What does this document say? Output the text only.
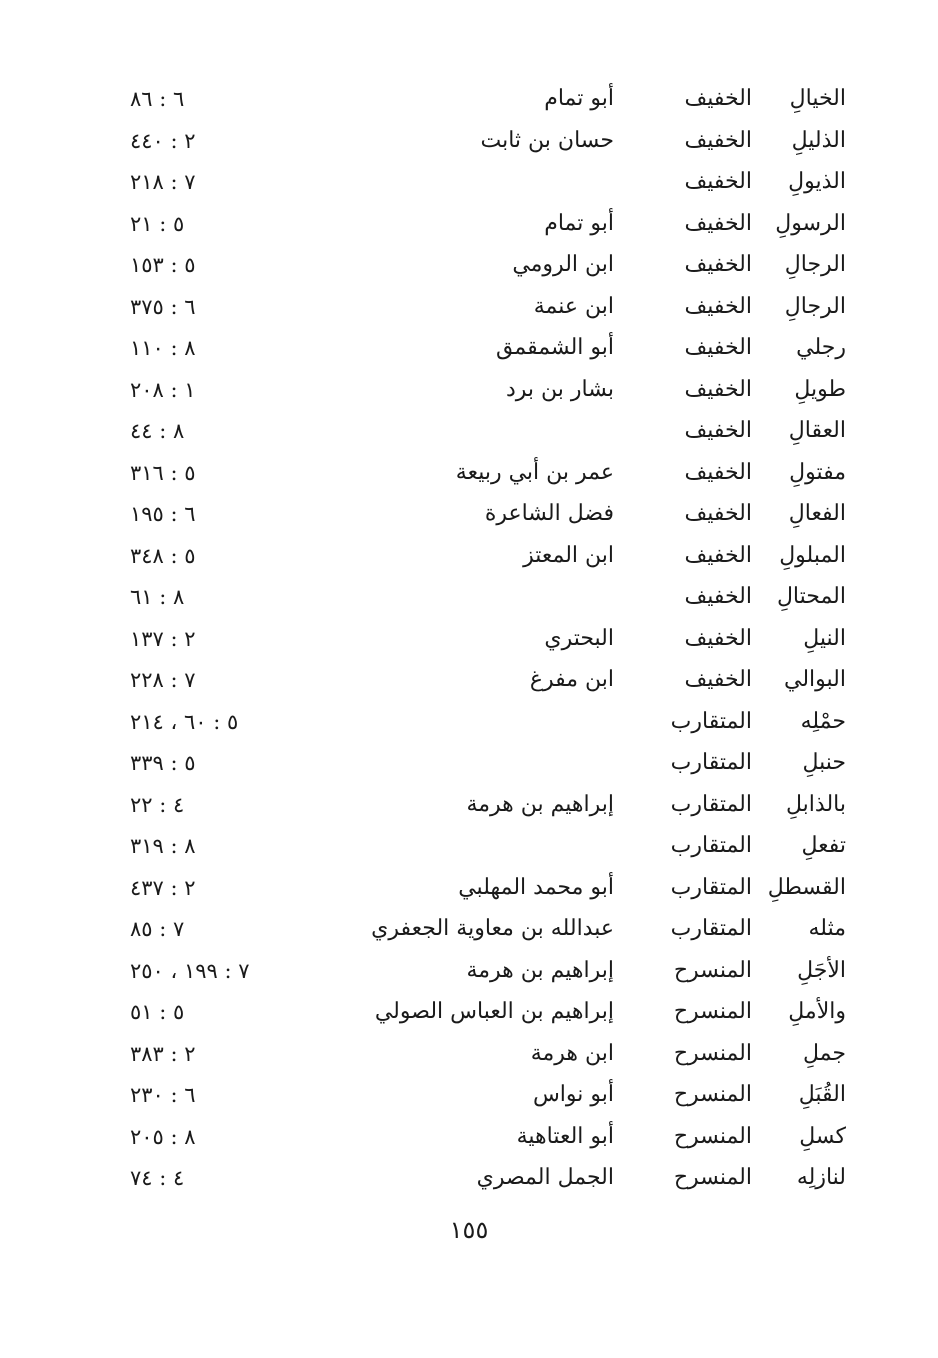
الخيالِ
الخفيف
أبو تمام
٦ : ٨٦
الذليلِ
الخفيف
حسان بن ثابت
٢ : ٤٤٠
الذيولِ
الخفيف
٧ : ٢١٨
الرسولِ
الخفيف
أبو تمام
٥ : ٢١
الرجالِ
الخفيف
ابن الرومي
٥ : ١٥٣
الرجالِ
الخفيف
ابن عنمة
٦ : ٣٧٥
رجلي
الخفيف
أبو الشمقمق
٨ : ١١٠
طويلِ
الخفيف
بشار بن برد
١ : ٢٠٨
العقالِ
الخفيف
٨ : ٤٤
مفتولِ
الخفيف
عمر بن أبي ربيعة
٥ : ٣١٦
الفعالِ
الخفيف
فضل الشاعرة
٦ : ١٩٥
المبلولِ
الخفيف
ابن المعتز
٥ : ٣٤٨
المحتالِ
الخفيف
٨ : ٦١
النيلِ
الخفيف
البحتري
٢ : ١٣٧
البوالي
الخفيف
ابن مفرغ
٧ : ٢٢٨
حمْلِه
المتقارب
٥ : ٦٠ ، ٢١٤
حنبلِ
المتقارب
٥ : ٣٣٩
بالذابلِ
المتقارب
إبراهيم بن هرمة
٤ : ٢٢
تفعلِ
المتقارب
٨ : ٣١٩
القسطلِ
المتقارب
أبو محمد المهلبي
٢ : ٤٣٧
مثله
المتقارب
عبدالله بن معاوية الجعفري
٧ : ٨٥
الأجَلِ
المنسرح
إبراهيم بن هرمة
٧ : ١٩٩ ، ٢٥٠
والأملِ
المنسرح
إبراهيم بن العباس الصولي
٥ : ٥١
جملِ
المنسرح
ابن هرمة
٢ : ٣٨٣
القُبَلِ
المنسرح
أبو نواس
٦ : ٢٣٠
كسلِ
المنسرح
أبو العتاهية
٨ : ٢٠٥
لنازلِه
المنسرح
الجمل المصري
٤ : ٧٤
١٥٥
